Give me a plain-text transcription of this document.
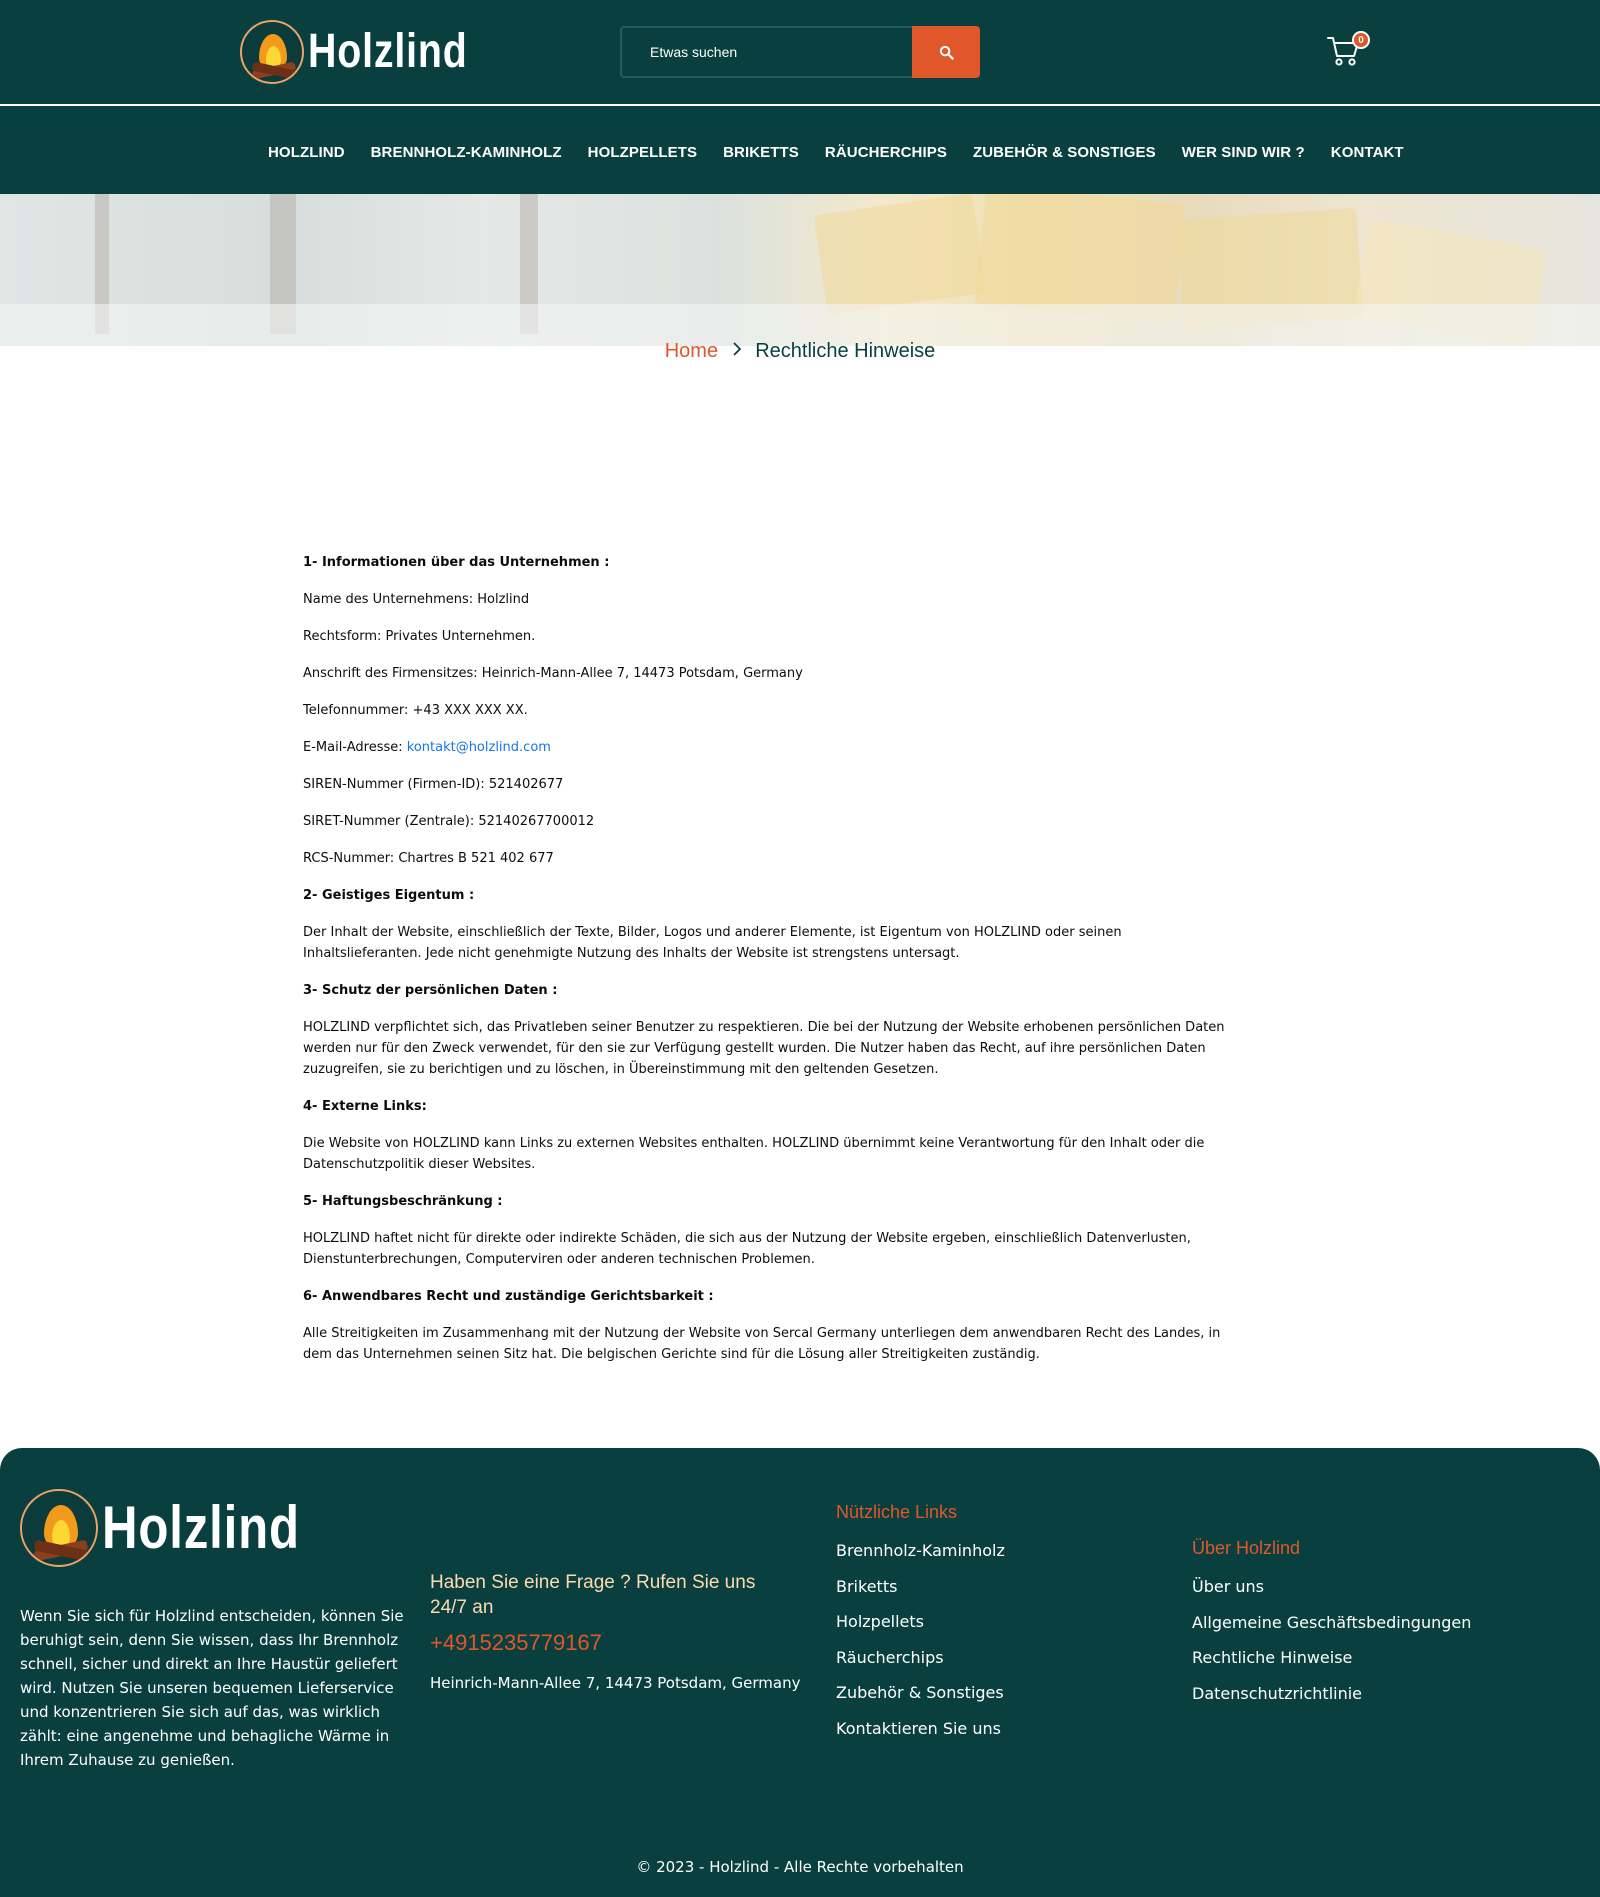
Holzlind
Etwas suchen	0
HOLZLIND BRENNHOLZ-KAMINHOLZ HOLZPELLETS BRIKETTS RÄUCHERCHIPS ZUBEHÖR & SONSTIGES WER SIND WIR ? KONTAKT
Home Rechtliche Hinweise

1- Informationen über das Unternehmen :

Name des Unternehmens: Holzlind

Rechtsform: Privates Unternehmen.

Anschrift des Firmensitzes: Heinrich-Mann-Allee 7, 14473 Potsdam, Germany

Telefonnummer: +43 XXX XXX XX.

E-Mail-Adresse: kontakt@holzlind.com

SIREN-Nummer (Firmen-ID): 521402677

SIRET-Nummer (Zentrale): 52140267700012

RCS-Nummer: Chartres B 521 402 677

2- Geistiges Eigentum :

Der Inhalt der Website, einschließlich der Texte, Bilder, Logos und anderer Elemente, ist Eigentum von HOLZLIND oder seinen Inhaltslieferanten. Jede nicht genehmigte Nutzung des Inhalts der Website ist strengstens untersagt.

3- Schutz der persönlichen Daten :

HOLZLIND verpflichtet sich, das Privatleben seiner Benutzer zu respektieren. Die bei der Nutzung der Website erhobenen persönlichen Daten werden nur für den Zweck verwendet, für den sie zur Verfügung gestellt wurden. Die Nutzer haben das Recht, auf ihre persönlichen Daten zuzugreifen, sie zu berichtigen und zu löschen, in Übereinstimmung mit den geltenden Gesetzen.

4- Externe Links:

Die Website von HOLZLIND kann Links zu externen Websites enthalten. HOLZLIND übernimmt keine Verantwortung für den Inhalt oder die Datenschutzpolitik dieser Websites.

5- Haftungsbeschränkung :

HOLZLIND haftet nicht für direkte oder indirekte Schäden, die sich aus der Nutzung der Website ergeben, einschließlich Datenverlusten, Dienstunterbrechungen, Computerviren oder anderen technischen Problemen.

6- Anwendbares Recht und zuständige Gerichtsbarkeit :

Alle Streitigkeiten im Zusammenhang mit der Nutzung der Website von Sercal Germany unterliegen dem anwendbaren Recht des Landes, in dem das Unternehmen seinen Sitz hat. Die belgischen Gerichte sind für die Lösung aller Streitigkeiten zuständig.

Holzlind

Wenn Sie sich für Holzlind entscheiden, können Sie beruhigt sein, denn Sie wissen, dass Ihr Brennholz schnell, sicher und direkt an Ihre Haustür geliefert wird. Nutzen Sie unseren bequemen Lieferservice und konzentrieren Sie sich auf das, was wirklich zählt: eine angenehme und behagliche Wärme in Ihrem Zuhause zu genießen.

Haben Sie eine Frage ? Rufen Sie uns 24/7 an

+4915235779167

Heinrich-Mann-Allee 7, 14473 Potsdam, Germany

Nützliche Links
Brennholz-Kaminholz
Briketts
Holzpellets
Räucherchips
Zubehör & Sonstiges
Kontaktieren Sie uns
Über Holzlind
Über uns
Allgemeine Geschäftsbedingungen
Rechtliche Hinweise
Datenschutzrichtlinie

© 2023 - Holzlind - Alle Rechte vorbehalten
